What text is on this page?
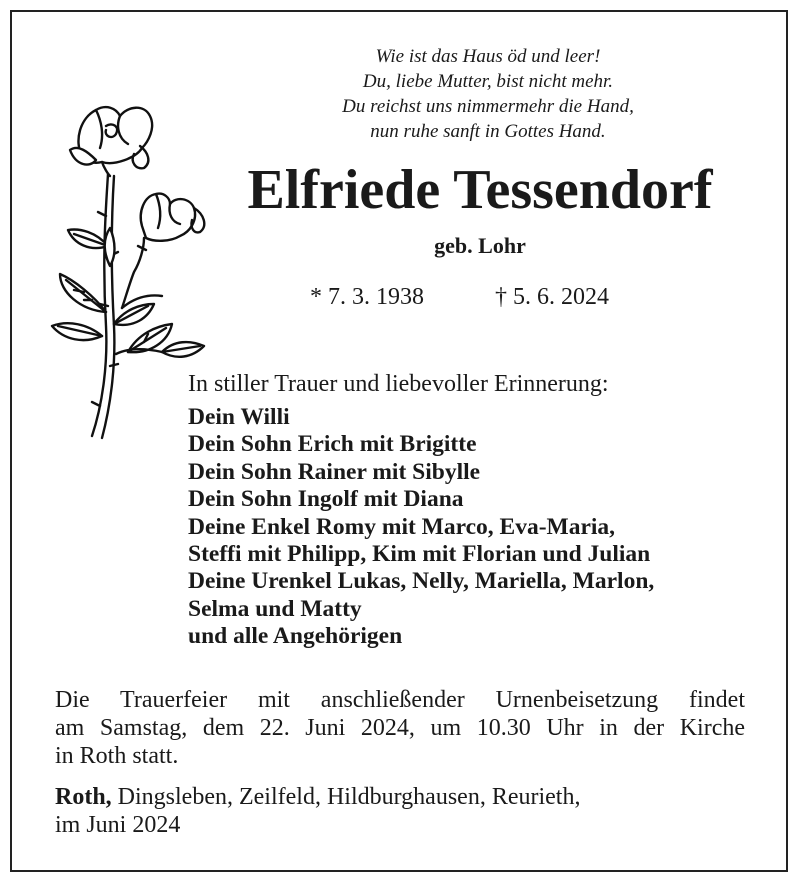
Wie ist das Haus öd und leer!
Du, liebe Mutter, bist nicht mehr.
Du reichst uns nimmermehr die Hand,
nun ruhe sanft in Gottes Hand.
Elfriede Tessendorf
geb. Lohr
* 7. 3. 1938	† 5. 6. 2024
In stiller Trauer und liebevoller Erinnerung:
Dein Willi
Dein Sohn Erich mit Brigitte
Dein Sohn Rainer mit Sibylle
Dein Sohn Ingolf mit Diana
Deine Enkel Romy mit Marco, Eva-Maria,
Steffi mit Philipp, Kim mit Florian und Julian
Deine Urenkel Lukas, Nelly, Mariella, Marlon,
Selma und Matty
und alle Angehörigen
Die Trauerfeier mit anschließender Urnenbeisetzung findet
am Samstag, dem 22. Juni 2024, um 10.30 Uhr in der Kirche
in Roth statt.
Roth, Dingsleben, Zeilfeld, Hildburghausen, Reurieth,
im Juni 2024
